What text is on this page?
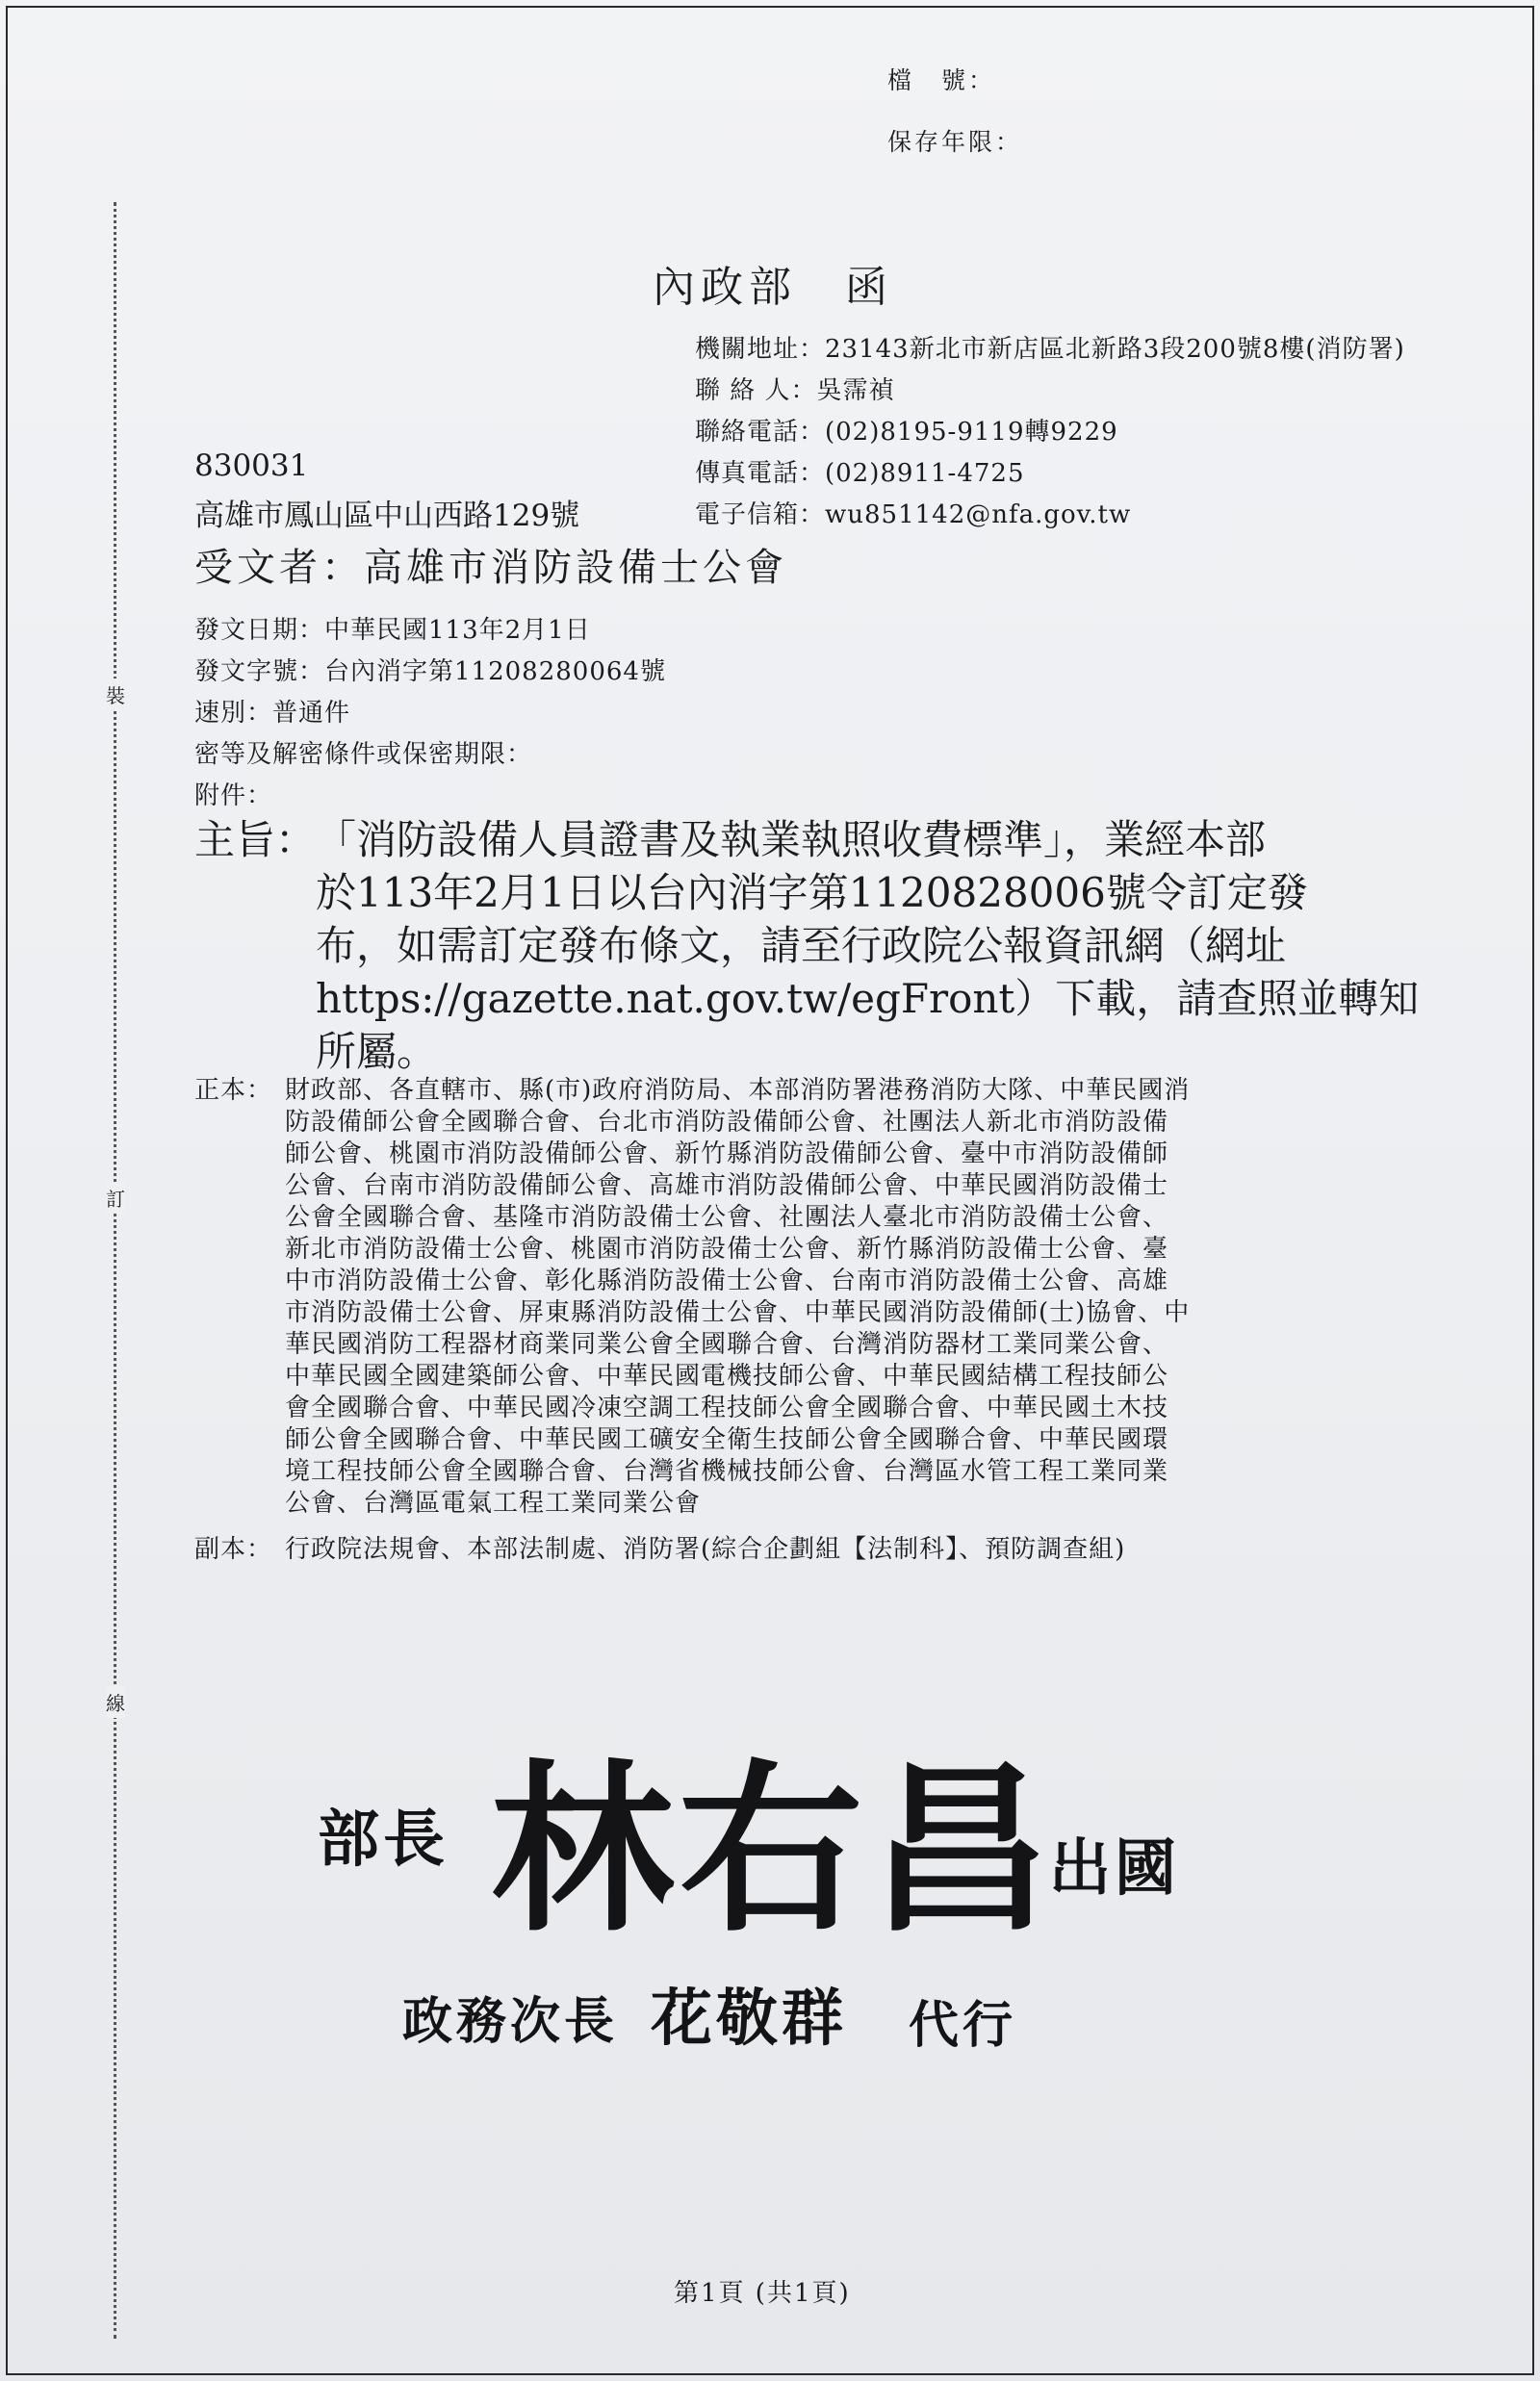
檔　號：
保存年限：
裝
訂
線
內政部　函
機關地址：23143新北市新店區北新路3段200號8樓(消防署)
聯 絡 人：吳霈禎
聯絡電話：(02)8195-9119轉9229
傳真電話：(02)8911-4725
電子信箱：wu851142@nfa.gov.tw
830031
高雄市鳳山區中山西路129號
受文者：高雄市消防設備士公會
發文日期：中華民國113年2月1日
發文字號：台內消字第11208280064號
速別：普通件
密等及解密條件或保密期限：
附件：
主旨： 「消防設備人員證書及執業執照收費標準」，業經本部
於113年2月1日以台內消字第1120828006號令訂定發
布，如需訂定發布條文，請至行政院公報資訊網（網址
https://gazette.nat.gov.tw/egFront）下載，請查照並轉知
所屬。
正本： 財政部、各直轄市、縣(市)政府消防局、本部消防署港務消防大隊、中華民國消
防設備師公會全國聯合會、台北市消防設備師公會、社團法人新北市消防設備
師公會、桃園市消防設備師公會、新竹縣消防設備師公會、臺中市消防設備師
公會、台南市消防設備師公會、高雄市消防設備師公會、中華民國消防設備士
公會全國聯合會、基隆市消防設備士公會、社團法人臺北市消防設備士公會、
新北市消防設備士公會、桃園市消防設備士公會、新竹縣消防設備士公會、臺
中市消防設備士公會、彰化縣消防設備士公會、台南市消防設備士公會、高雄
市消防設備士公會、屏東縣消防設備士公會、中華民國消防設備師(士)協會、中
華民國消防工程器材商業同業公會全國聯合會、台灣消防器材工業同業公會、
中華民國全國建築師公會、中華民國電機技師公會、中華民國結構工程技師公
會全國聯合會、中華民國冷凍空調工程技師公會全國聯合會、中華民國土木技
師公會全國聯合會、中華民國工礦安全衛生技師公會全國聯合會、中華民國環
境工程技師公會全國聯合會、台灣省機械技師公會、台灣區水管工程工業同業
公會、台灣區電氣工程工業同業公會
副本： 行政院法規會、本部法制處、消防署(綜合企劃組【法制科】、預防調查組)
部長 林右昌
出國
政務次長 花敬群 代行
第1頁 (共1頁)
